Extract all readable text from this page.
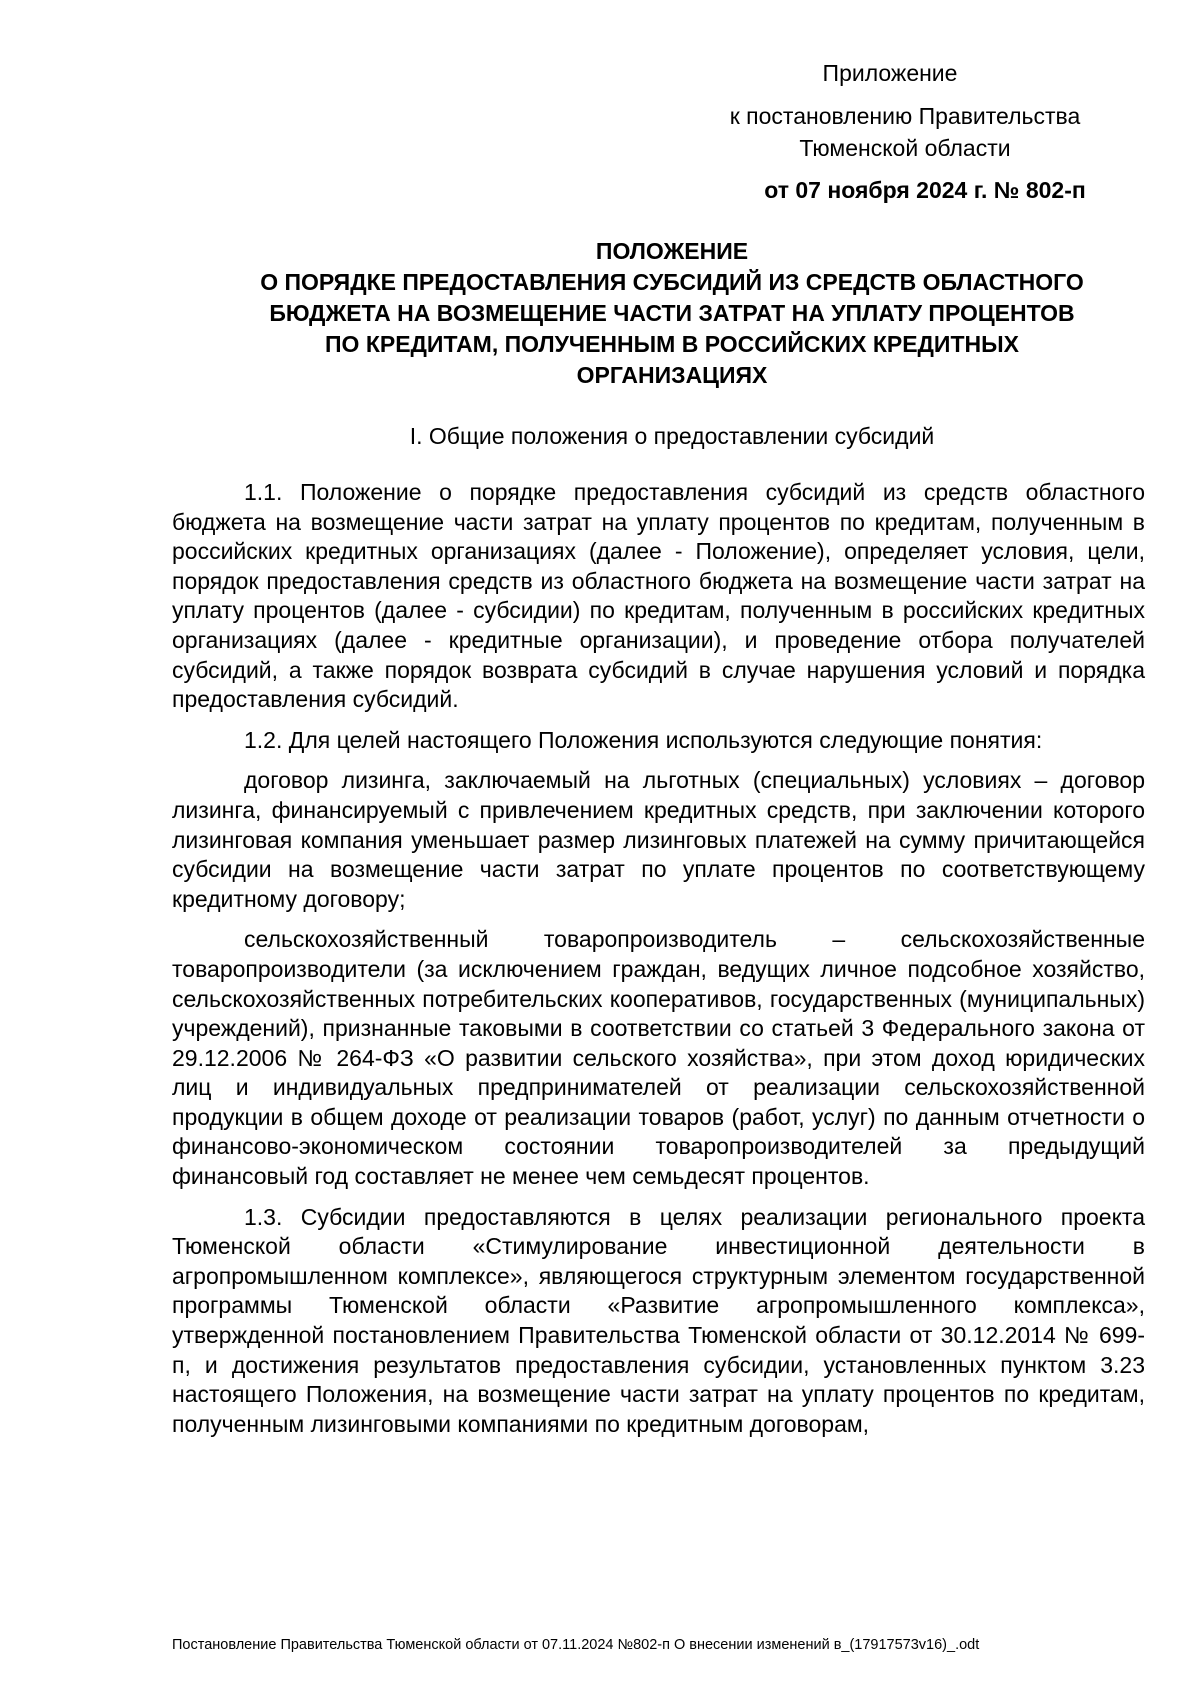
Приложение
к постановлению Правительства Тюменской области
от 07 ноября 2024 г. № 802-п
ПОЛОЖЕНИЕ
О ПОРЯДКЕ ПРЕДОСТАВЛЕНИЯ СУБСИДИЙ ИЗ СРЕДСТВ ОБЛАСТНОГО
БЮДЖЕТА НА ВОЗМЕЩЕНИЕ ЧАСТИ ЗАТРАТ НА УПЛАТУ ПРОЦЕНТОВ
ПО КРЕДИТАМ, ПОЛУЧЕННЫМ В РОССИЙСКИХ КРЕДИТНЫХ
ОРГАНИЗАЦИЯХ
I. Общие положения о предоставлении субсидий

1.1. Положение о порядке предоставления субсидий из средств областного бюджета на возмещение части затрат на уплату процентов по кредитам, полученным в российских кредитных организациях (далее - Положение), определяет условия, цели, порядок предоставления средств из областного бюджета на возмещение части затрат на уплату процентов (далее - субсидии) по кредитам, полученным в российских кредитных организациях (далее - кредитные организации), и проведение отбора получателей субсидий, а также порядок возврата субсидий в случае нарушения условий и порядка предоставления субсидий.

1.2. Для целей настоящего Положения используются следующие понятия:

договор лизинга, заключаемый на льготных (специальных) условиях – договор лизинга, финансируемый с привлечением кредитных средств, при заключении которого лизинговая компания уменьшает размер лизинговых платежей на сумму причитающейся субсидии на возмещение части затрат по уплате процентов по соответствующему кредитному договору;

сельскохозяйственный товаропроизводитель – сельскохозяйственные товаропроизводители (за исключением граждан, ведущих личное подсобное хозяйство, сельскохозяйственных потребительских кооперативов, государственных (муниципальных) учреждений), признанные таковыми в соответствии со статьей 3 Федерального закона от 29.12.2006 № 264-ФЗ «О развитии сельского хозяйства», при этом доход юридических лиц и индивидуальных предпринимателей от реализации сельскохозяйственной продукции в общем доходе от реализации товаров (работ, услуг) по данным отчетности о финансово-экономическом состоянии товаропроизводителей за предыдущий финансовый год составляет не менее чем семьдесят процентов.

1.3. Субсидии предоставляются в целях реализации регионального проекта Тюменской области «Стимулирование инвестиционной деятельности в агропромышленном комплексе», являющегося структурным элементом государственной программы Тюменской области «Развитие агропромышленного комплекса», утвержденной постановлением Правительства Тюменской области от 30.12.2014 № 699-п, и достижения результатов предоставления субсидии, установленных пунктом 3.23 настоящего Положения, на возмещение части затрат на уплату процентов по кредитам, полученным лизинговыми компаниями по кредитным договорам,

Постановление Правительства Тюменской области от 07.11.2024 №802-п О внесении изменений в_(17917573v16)_.odt
